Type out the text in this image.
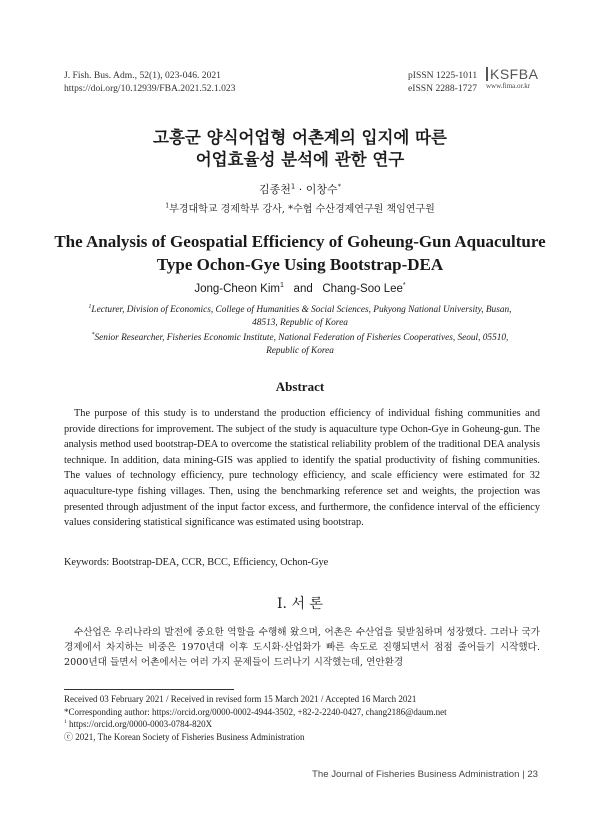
J. Fish. Bus. Adm., 52(1), 023-046. 2021
https://doi.org/10.12939/FBA.2021.52.1.023
pISSN 1225-1011
eISSN 2288-1727
KSFBA
www.fima.or.kr
고흥군 양식어업형 어촌계의 입지에 따른
어업효율성 분석에 관한 연구
김종천$^1$ · 이창수*
$^1$부경대학교 경제학부 강사, *수협 수산경제연구원 책임연구원
The Analysis of Geospatial Efficiency of Goheung-Gun Aquaculture
Type Ochon-Gye Using Bootstrap-DEA
Jong-Cheon Kim$^1$ and Chang-Soo Lee*
$^1$Lecturer, Division of Economics, College of Humanities & Social Sciences, Pukyong National University, Busan,
48513, Republic of Korea
*Senior Researcher, Fisheries Economic Institute, National Federation of Fisheries Cooperatives, Seoul, 05510,
Republic of Korea
Abstract
The purpose of this study is to understand the production efficiency of individual fishing communities and provide directions for improvement. The subject of the study is aquaculture type Ochon-Gye in Goheung-gun. The analysis method used bootstrap-DEA to overcome the statistical reliability problem of the traditional DEA analysis technique. In addition, data mining-GIS was applied to identify the spatial productivity of fishing communities. The values of technology efficiency, pure technology efficiency, and scale efficiency were estimated for 32 aquaculture-type fishing villages. Then, using the benchmarking reference set and weights, the projection was presented through adjustment of the input factor excess, and furthermore, the confidence interval of the efficiency values considering statistical significance was estimated using bootstrap.
Keywords: Bootstrap-DEA, CCR, BCC, Efficiency, Ochon-Gye
Ⅰ. 서 론
수산업은 우리나라의 발전에 중요한 역할을 수행해 왔으며, 어촌은 수산업을 뒷받침하며 성장했다. 그러나 국가경제에서 차지하는 비중은 1970년대 이후 도시화·산업화가 빠른 속도로 진행되면서 점점 줄어들기 시작했다. 2000년대 들면서 어촌에서는 여러 가지 문제들이 드러나기 시작했는데, 연안환경
Received 03 February 2021 / Received in revised form 15 March 2021 / Accepted 16 March 2021
*Corresponding author: https://orcid.org/0000-0002-4944-3502, +82-2-2240-0427, chang2186@daum.net
$^1$ https://orcid.org/0000-0003-0784-820X
ⓒ 2021, The Korean Society of Fisheries Business Administration
The Journal of Fisheries Business Administration | 23
